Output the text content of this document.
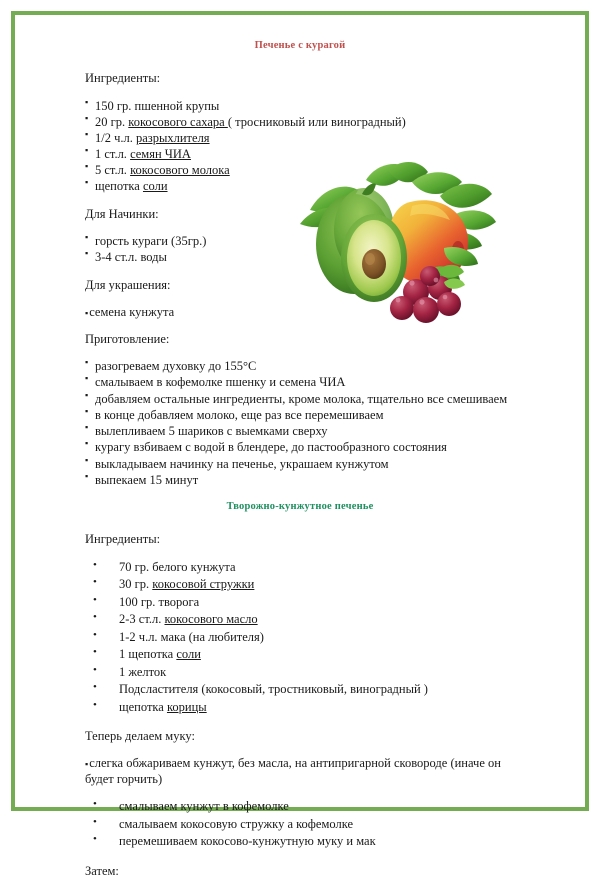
Печенье с курагой

Ингредиенты:

▪ 150 гр. пшенной крупы
▪ 20 гр. кокосового сахара ( тросниковый или виноградный)
▪ 1/2 ч.л. разрыхлителя
▪ 1 ст.л. семян ЧИА
▪ 5 ст.л. кокосового молока
▪ щепотка соли

Для Начинки:

▪ горсть кураги (35гр.)
▪ 3-4 ст.л. воды

Для украшения:

▪ семена кунжута

Приготовление:

▪ разогреваем духовку до 155°C
▪ смалываем в кофемолке пшенку и семена ЧИА
▪ добавляем остальные ингредиенты, кроме молока, тщательно все смешиваем
▪ в конце добавляем молоко, еще раз все перемешиваем
▪ вылепливаем 5 шариков с выемками сверху
▪ курагу взбиваем с водой в блендере, до пастообразного состояния
▪ выкладываем начинку на печенье, украшаем кунжутом
▪ выпекаем 15 минут
Творожно-кунжутное печенье

Ингредиенты:

• 70 гр. белого кунжута
• 30 гр. кокосовой стружки
• 100 гр. творога
• 2-3 ст.л. кокосового масло
• 1-2 ч.л. мака (на любителя)
• 1 щепотка соли
• 1 желток
• Подсластителя (кокосовый, тростниковый, виноградный )
• щепотка корицы

Теперь делаем муку:

▪ слегка обжариваем кунжут, без масла, на антипригарной сковороде (иначе он будет горчить)

• смалываем кунжут в кофемолке
• смалываем кокосовую стружку а кофемолке
• перемешиваем кокосово-кунжутную муку и мак

Затем:
